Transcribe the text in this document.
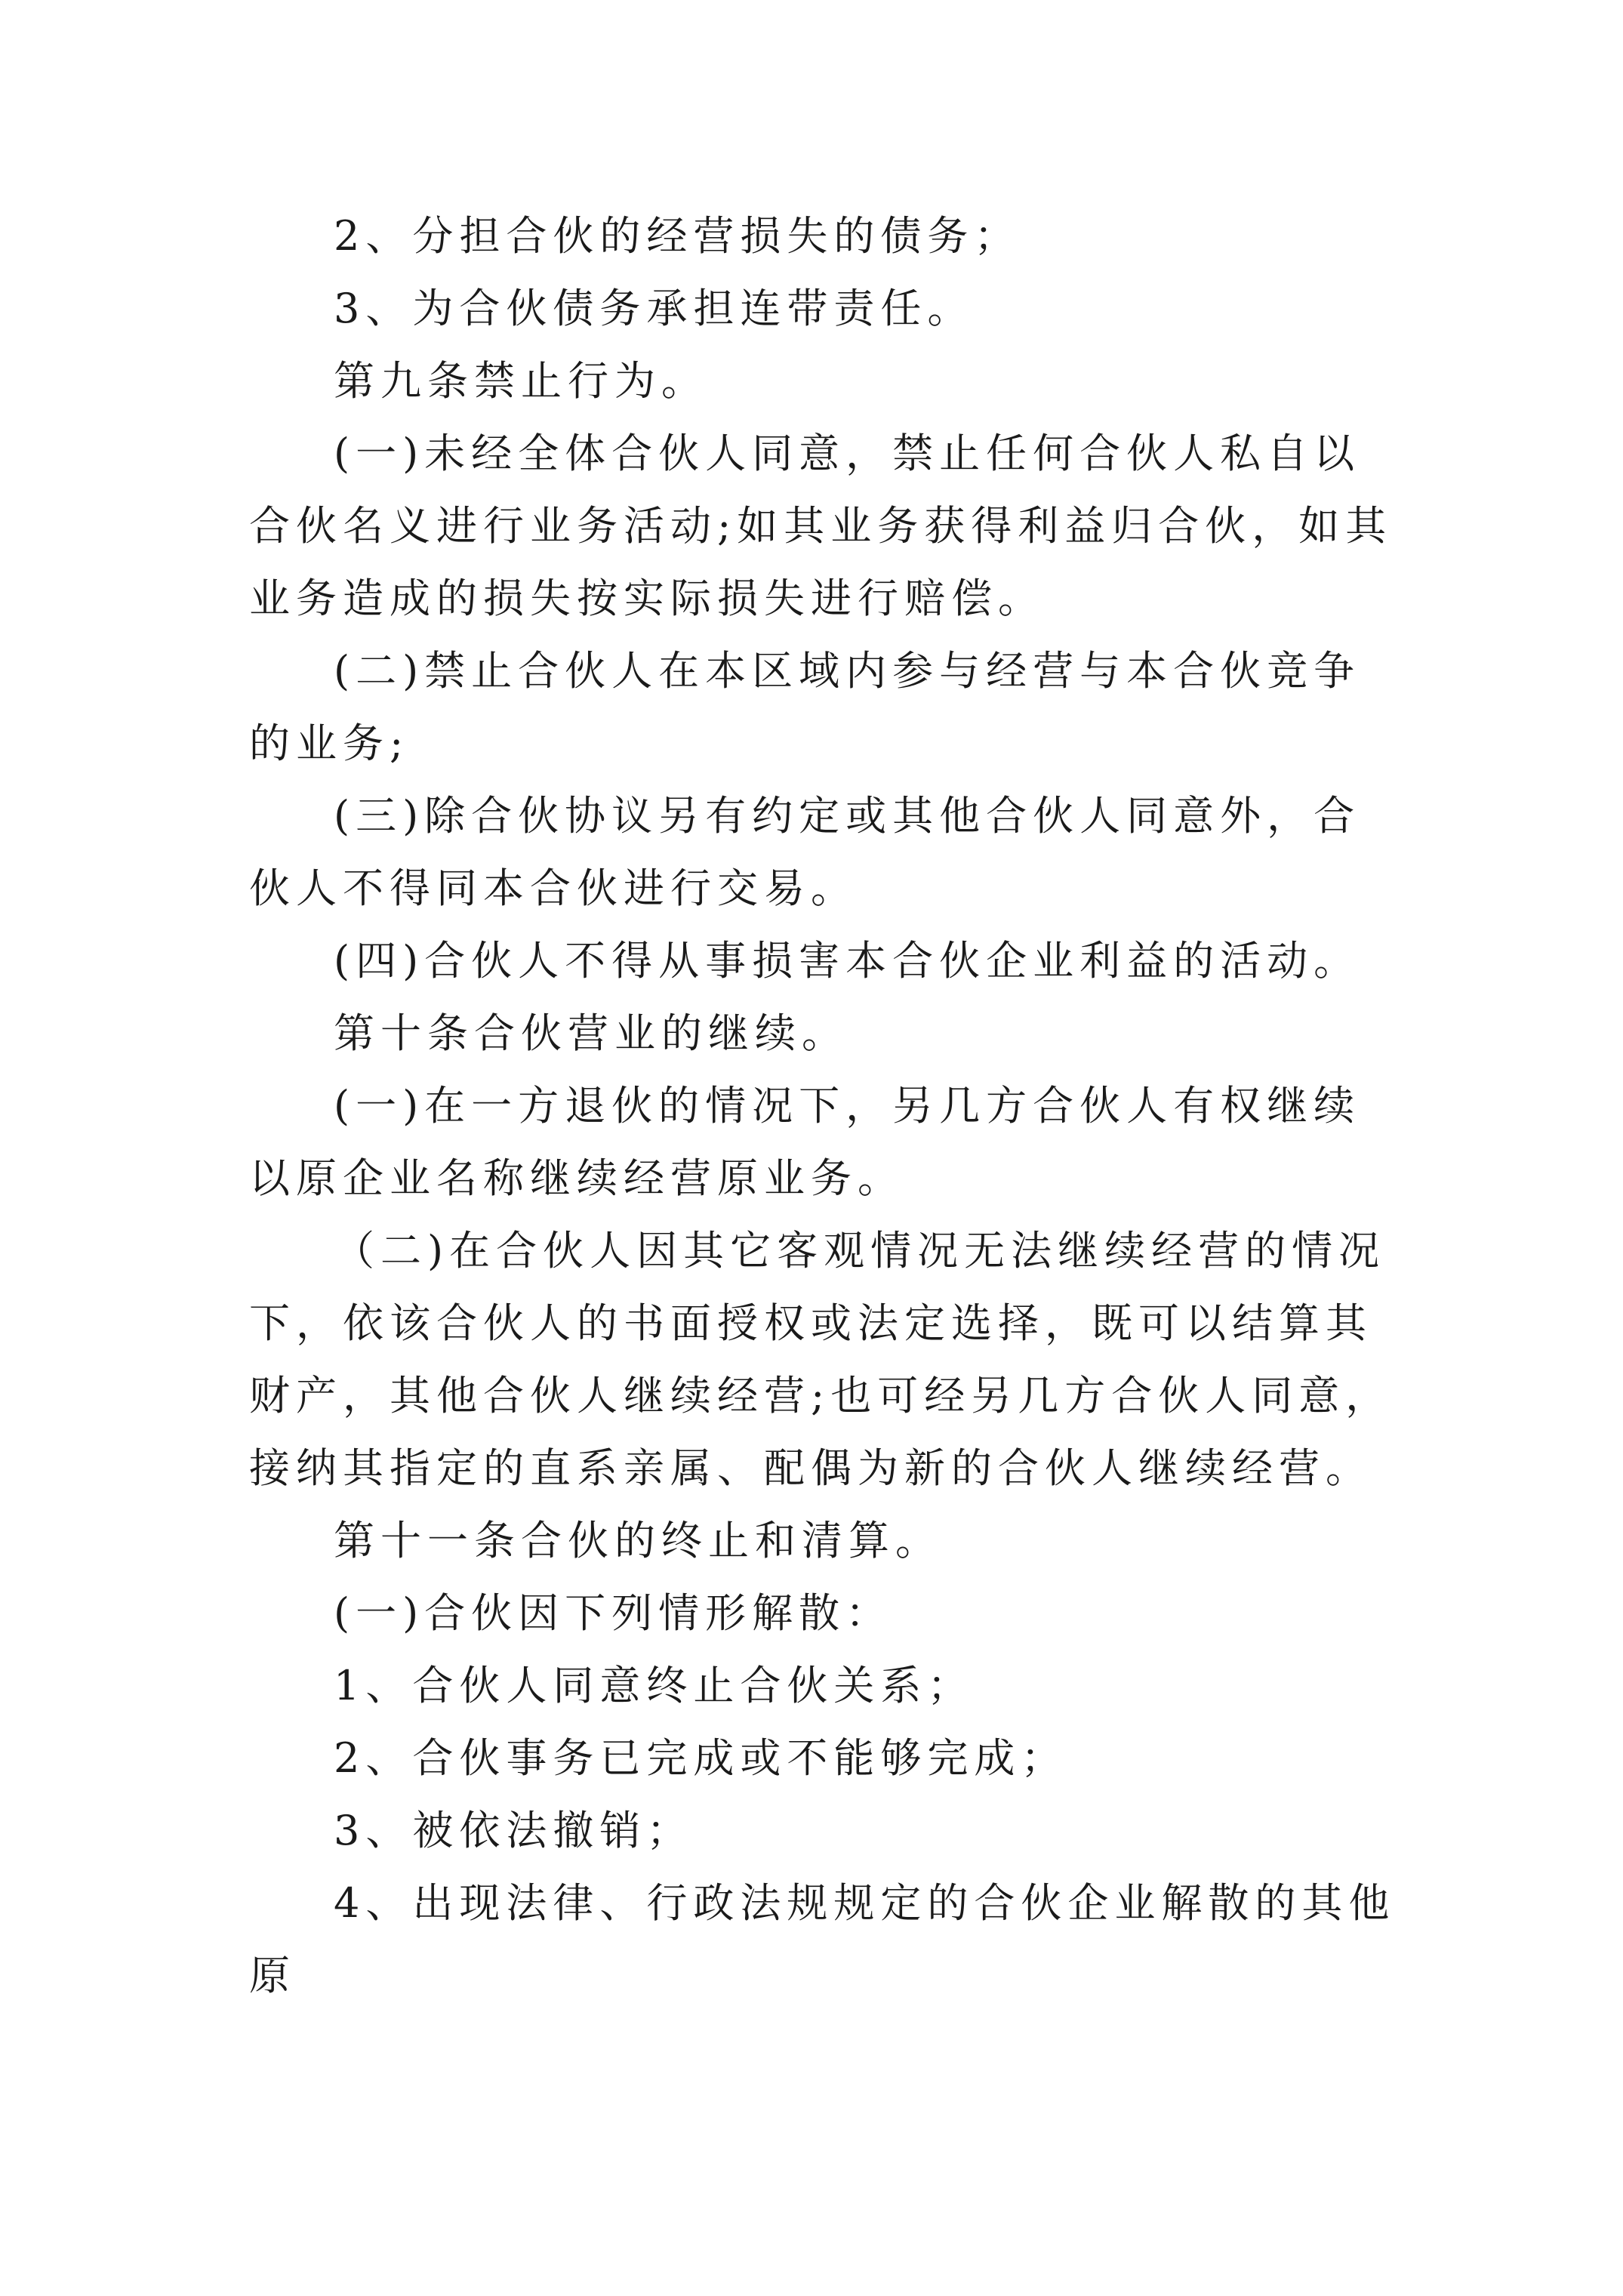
2、分担合伙的经营损失的债务；

3、为合伙债务承担连带责任。

第九条禁止行为。

(一)未经全体合伙人同意，禁止任何合伙人私自以合伙名义进行业务活动;如其业务获得利益归合伙，如其业务造成的损失按实际损失进行赔偿。

(二)禁止合伙人在本区域内参与经营与本合伙竞争的业务;

(三)除合伙协议另有约定或其他合伙人同意外，合伙人不得同本合伙进行交易。

(四)合伙人不得从事损害本合伙企业利益的活动。

第十条合伙营业的继续。

(一)在一方退伙的情况下，另几方合伙人有权继续以原企业名称继续经营原业务。

（二)在合伙人因其它客观情况无法继续经营的情况下，依该合伙人的书面授权或法定选择，既可以结算其财产，其他合伙人继续经营;也可经另几方合伙人同意，接纳其指定的直系亲属、配偶为新的合伙人继续经营。

第十一条合伙的终止和清算。

(一)合伙因下列情形解散：

1、合伙人同意终止合伙关系；

2、合伙事务已完成或不能够完成；

3、被依法撤销；

4、出现法律、行政法规规定的合伙企业解散的其他原
